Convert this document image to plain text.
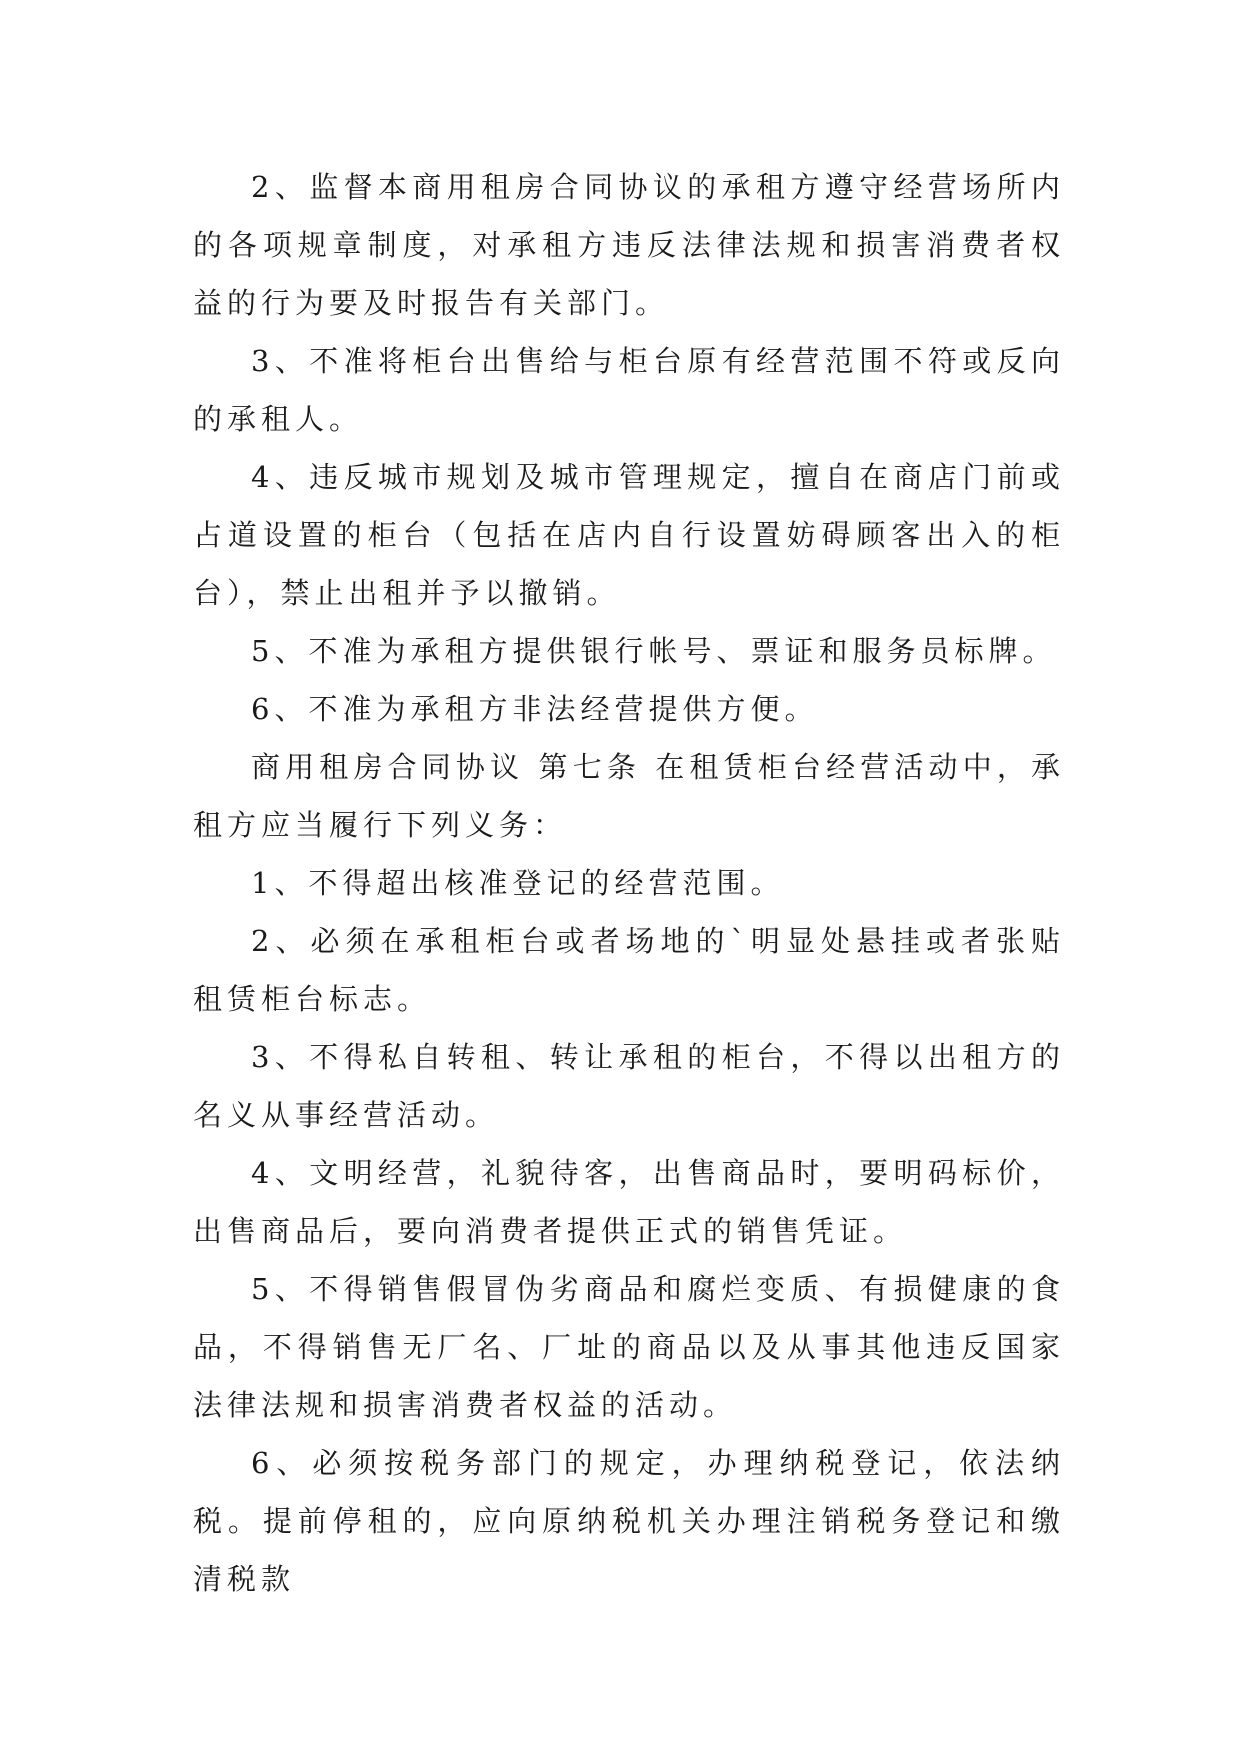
2、监督本商用租房合同协议的承租方遵守经营场所内的各项规章制度，对承租方违反法律法规和损害消费者权益的行为要及时报告有关部门。

3、不准将柜台出售给与柜台原有经营范围不符或反向的承租人。

4、违反城市规划及城市管理规定，擅自在商店门前或占道设置的柜台（包括在店内自行设置妨碍顾客出入的柜台），禁止出租并予以撤销。

5、不准为承租方提供银行帐号、票证和服务员标牌。

6、不准为承租方非法经营提供方便。

商用租房合同协议 第七条 在租赁柜台经营活动中，承租方应当履行下列义务：

1、不得超出核准登记的经营范围。

2、必须在承租柜台或者场地的`明显处悬挂或者张贴租赁柜台标志。

3、不得私自转租、转让承租的柜台，不得以出租方的名义从事经营活动。

4、文明经营，礼貌待客，出售商品时，要明码标价，出售商品后，要向消费者提供正式的销售凭证。

5、不得销售假冒伪劣商品和腐烂变质、有损健康的食品，不得销售无厂名、厂址的商品以及从事其他违反国家法律法规和损害消费者权益的活动。

6、必须按税务部门的规定，办理纳税登记，依法纳税。提前停租的，应向原纳税机关办理注销税务登记和缴清税款
